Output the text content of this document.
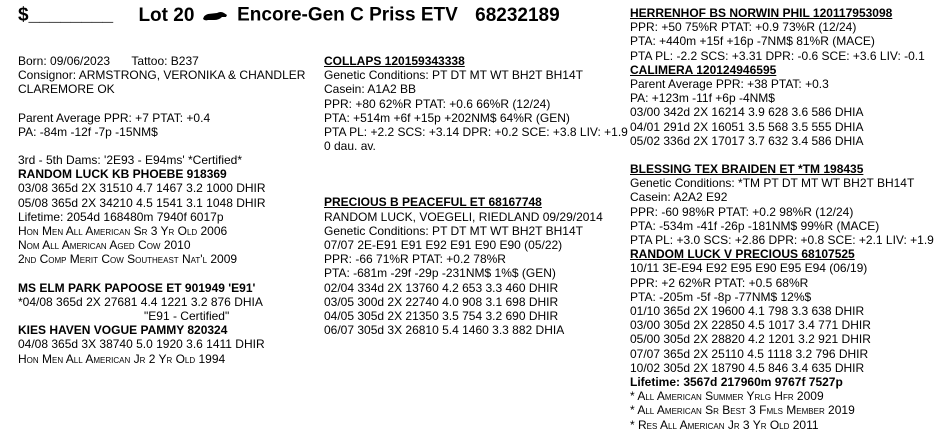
$________ Lot 20 Encore-Gen C Priss ETV 68232189
Born: 09/06/2023 Tattoo: B237
Consignor: ARMSTRONG, VERONIKA & CHANDLER
CLAREMORE OK
Parent Average PPR: +7 PTAT: +0.4
PA: -84m -12f -7p -15NM$
3rd - 5th Dams: '2E93 - E94ms' *Certified*
RANDOM LUCK KB PHOEBE 918369
03/08 365d 2X 31510 4.7 1467 3.2 1000 DHIR
05/08 365d 2X 34210 4.5 1541 3.1 1048 DHIR
Lifetime: 2054d 168480m 7940f 6017p
Hon Men All American Sr 3 Yr Old 2006
Nom All American Aged Cow 2010
2nd Comp Merit Cow Southeast Nat'l 2009
MS ELM PARK PAPOOSE ET 901949 'E91'
*04/08 365d 2X 27681 4.4 1221 3.2 876 DHIA
"E91 - Certified"
KIES HAVEN VOGUE PAMMY 820324
04/08 365d 3X 38740 5.0 1920 3.6 1411 DHIR
Hon Men All American Jr 2 Yr Old 1994
COLLAPS 120159343338
Genetic Conditions: PT DT MT WT BH2T BH14T
Casein: A1A2 BB
PPR: +80 62%R PTAT: +0.6 66%R (12/24)
PTA: +514m +6f +15p +202NM$ 64%R (GEN)
PTA PL: +2.2 SCS: +3.14 DPR: +0.2 SCE: +3.8 LIV: +1.9
0 dau. av.
PRECIOUS B PEACEFUL ET 68167748
RANDOM LUCK, VOEGELI, RIEDLAND 09/29/2014
Genetic Conditions: PT DT MT WT BH2T BH14T
07/07 2E-E91 E91 E92 E91 E90 E90 (05/22)
PPR: -66 71%R PTAT: +0.2 78%R
PTA: -681m -29f -29p -231NM$ 1%$ (GEN)
02/04 334d 2X 13760 4.2 653 3.3 460 DHIR
03/05 300d 2X 22740 4.0 908 3.1 698 DHIR
04/05 305d 2X 21350 3.5 754 3.2 690 DHIR
06/07 305d 3X 26810 5.4 1460 3.3 882 DHIA
HERRENHOF BS NORWIN PHIL 120117953098
PPR: +50 75%R PTAT: +0.9 73%R (12/24)
PTA: +440m +15f +16p -7NM$ 81%R (MACE)
PTA PL: -2.2 SCS: +3.31 DPR: -0.6 SCE: +3.6 LIV: -0.1
CALIMERA 120124946595
Parent Average PPR: +38 PTAT: +0.3
PA: +123m -11f +6p -4NM$
03/00 342d 2X 16214 3.9 628 3.6 586 DHIA
04/01 291d 2X 16051 3.5 568 3.5 555 DHIA
05/02 336d 2X 17017 3.7 632 3.4 586 DHIA
BLESSING TEX BRAIDEN ET *TM 198435
Genetic Conditions: *TM PT DT MT WT BH2T BH14T
Casein: A2A2 E92
PPR: -60 98%R PTAT: +0.2 98%R (12/24)
PTA: -534m -41f -26p -181NM$ 99%R (MACE)
PTA PL: +3.0 SCS: +2.86 DPR: +0.8 SCE: +2.1 LIV: +1.9
RANDOM LUCK V PRECIOUS 68107525
10/11 3E-E94 E92 E95 E90 E95 E94 (06/19)
PPR: +2 62%R PTAT: +0.5 68%R
PTA: -205m -5f -8p -77NM$ 12%$
01/10 365d 2X 19600 4.1 798 3.3 638 DHIR
03/00 305d 2X 22850 4.5 1017 3.4 771 DHIR
05/00 305d 2X 28820 4.2 1201 3.2 921 DHIR
07/07 365d 2X 25110 4.5 1118 3.2 796 DHIR
10/02 305d 2X 18790 4.5 846 3.4 635 DHIR
Lifetime: 3567d 217960m 9767f 7527p
* All American Summer Yrlg Hfr 2009
* All American Sr Best 3 Fmls Member 2019
* Res All American Jr 3 Yr Old 2011
